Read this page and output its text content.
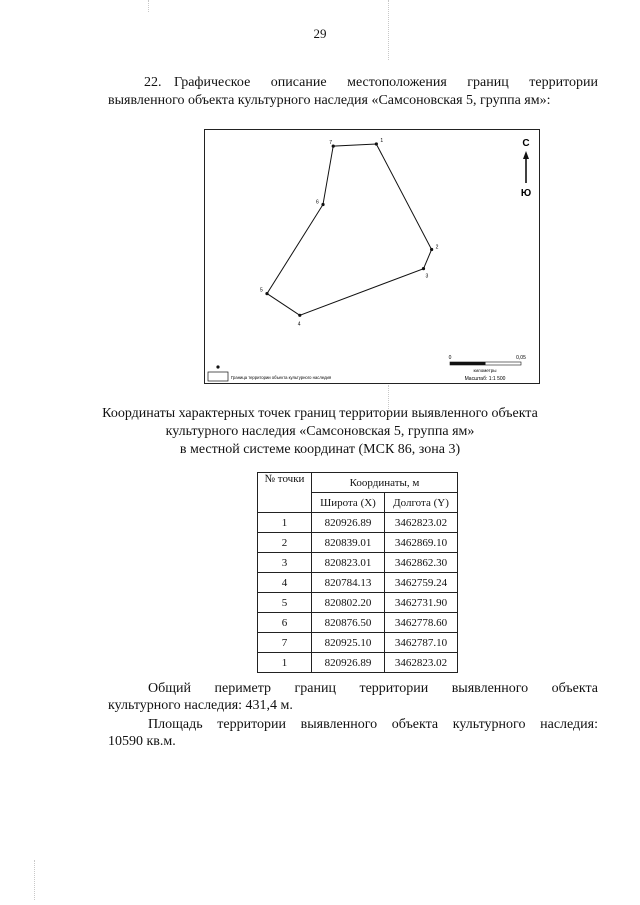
29
22. Графическое описание местоположения границ территории выявленного объекта культурного наследия «Самсоновская 5, группа ям»:
1
2
3
4
5
6
7	С
Ю
0	0,05
километры
Масштаб: 1:1 500
Граница территории объекта культурного наследия
Координаты характерных точек границ территории выявленного объекта
культурного наследия «Самсоновская 5, группа ям»
в местной системе координат (МСК 86, зона 3)
№ точки	Координаты, м	
	Широта (X)	Долгота (Y)
1	820926.89	3462823.02
2	820839.01	3462869.10
3	820823.01	3462862.30
4	820784.13	3462759.24
5	820802.20	3462731.90
6	820876.50	3462778.60
7	820925.10	3462787.10
1	820926.89	3462823.02
Общий периметр границ территории выявленного объекта
культурного наследия: 431,4 м.
Площадь территории выявленного объекта культурного наследия:
10590 кв.м.
